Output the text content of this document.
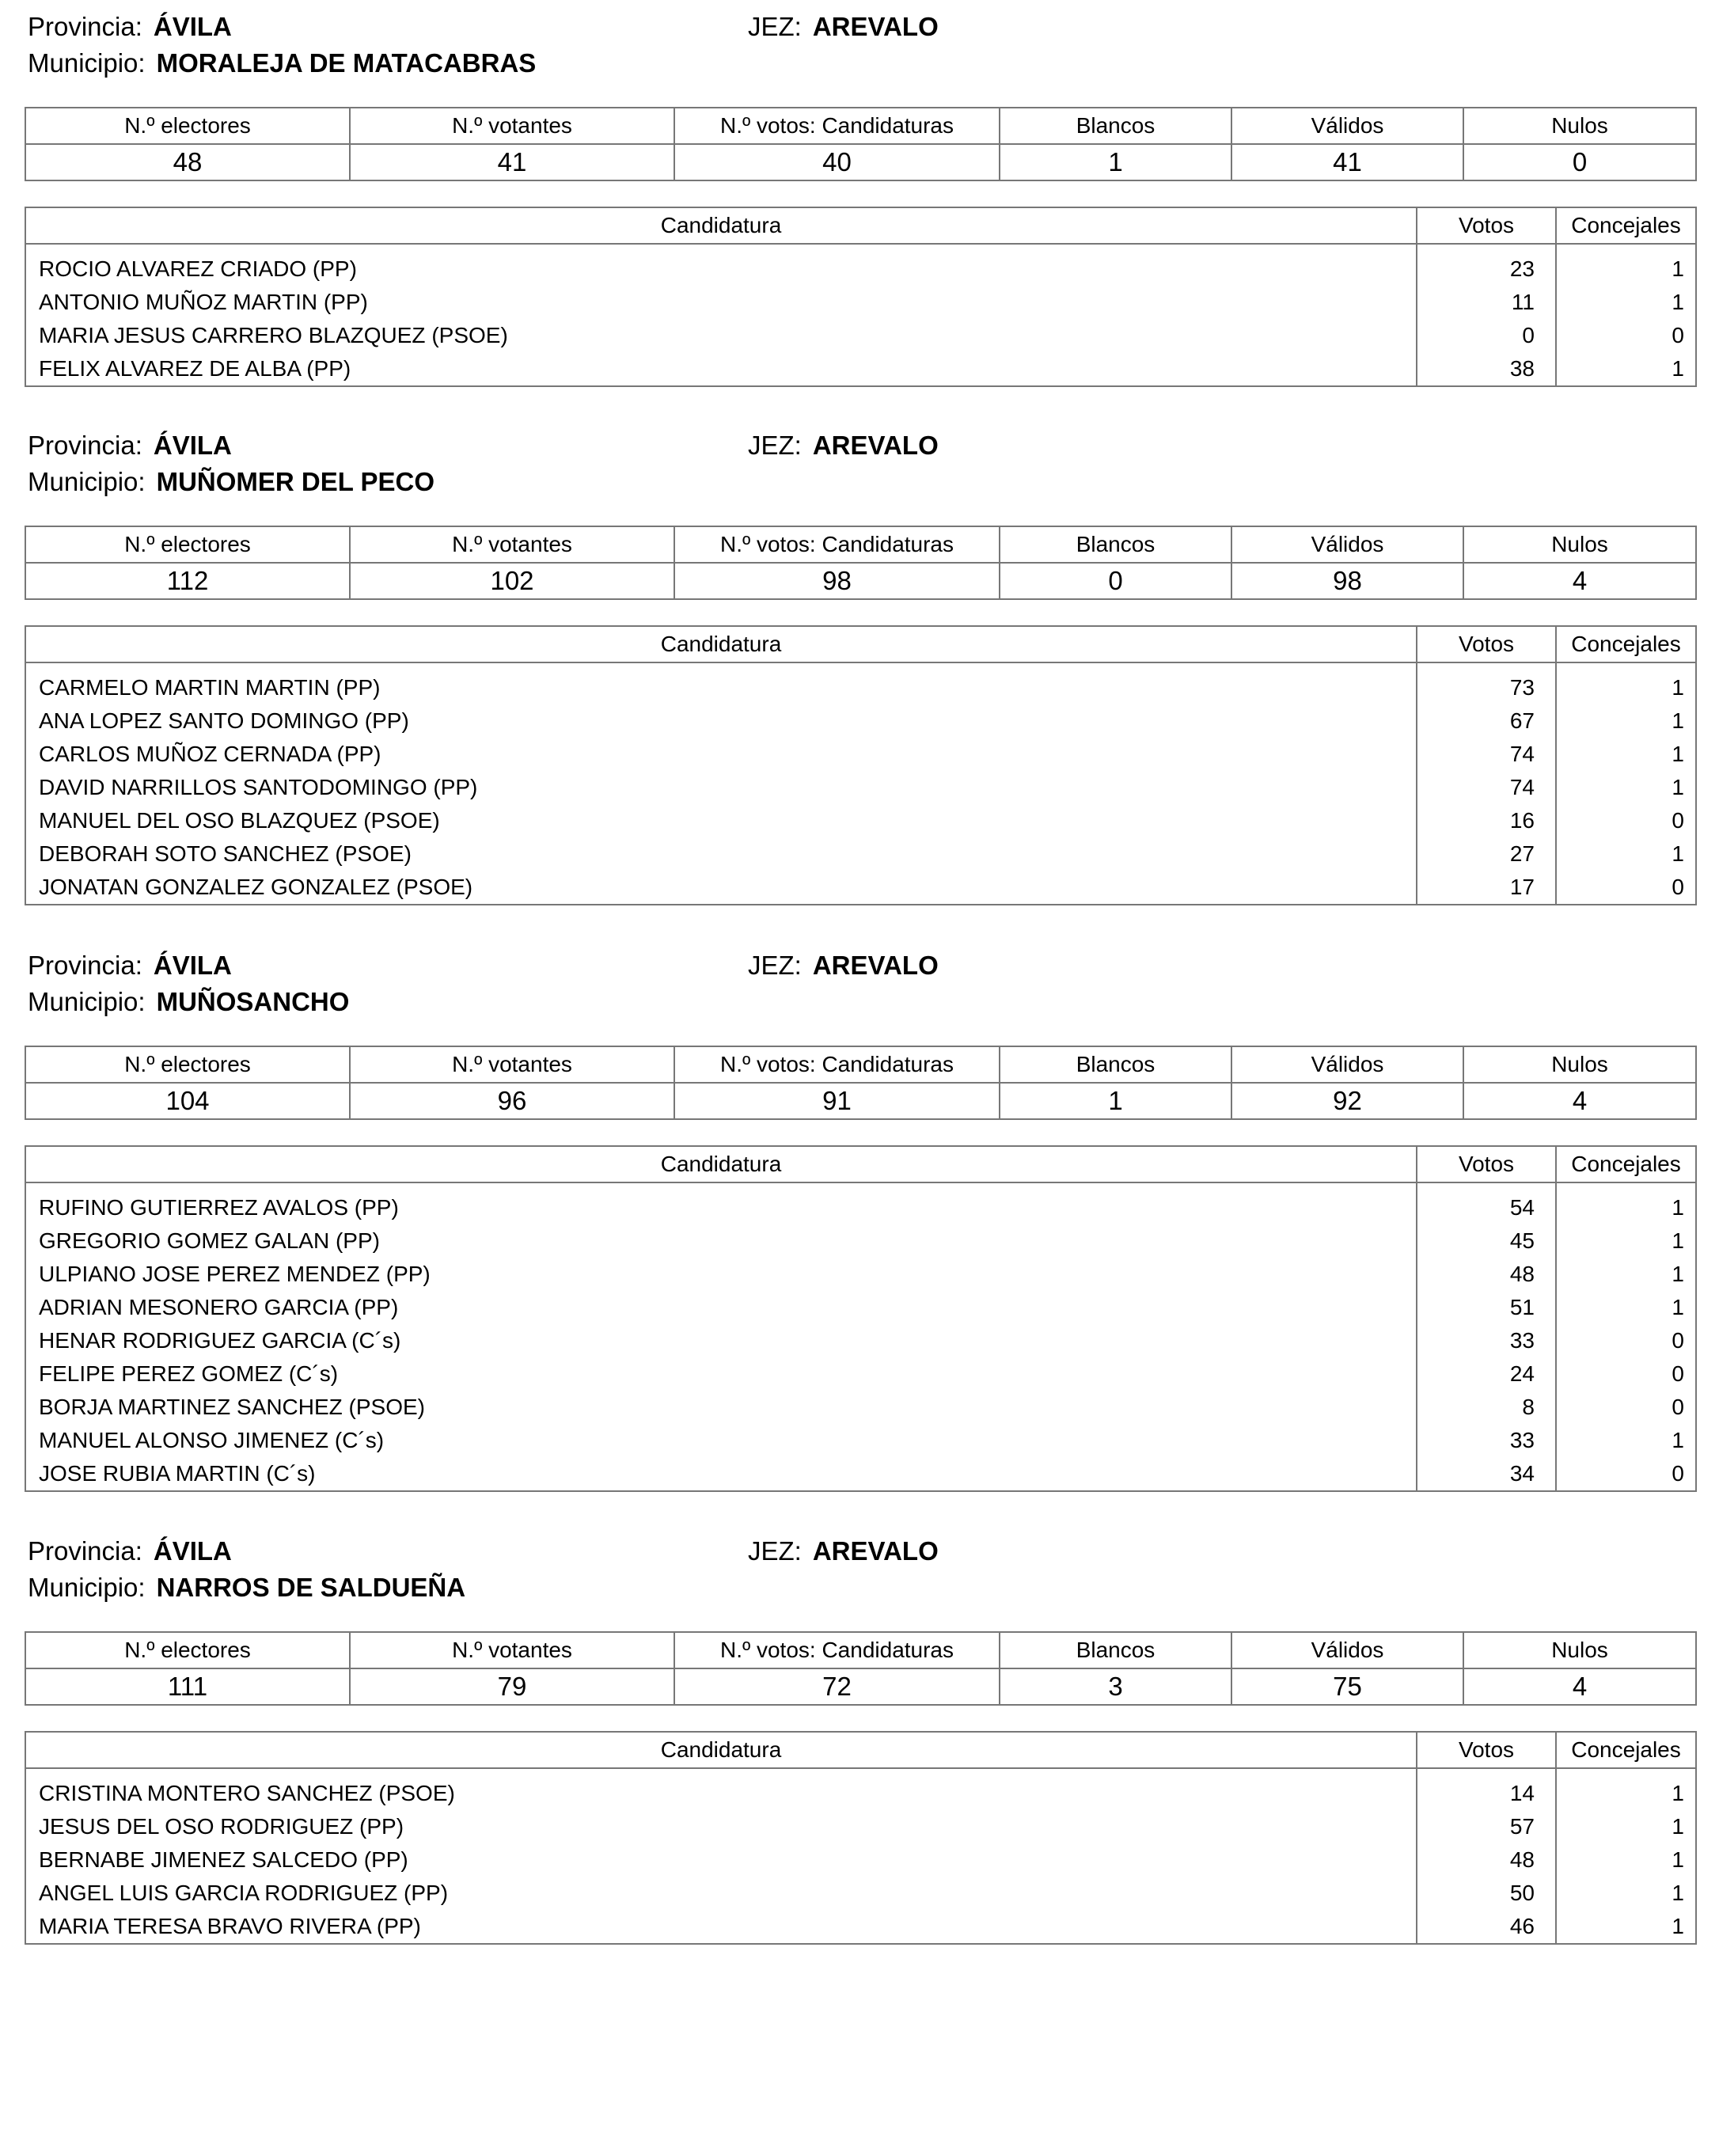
Provincia: ÁVILA	JEZ: AREVALO
Municipio: MORALEJA DE MATACABRAS
N.º electores	N.º votantes	N.º votos: Candidaturas	Blancos	Válidos	Nulos
48	41	40	1	41	0
Candidatura	Votos	Concejales

ROCIO ALVAREZ CRIADO (PP)	23	1
ANTONIO MUÑOZ MARTIN (PP)	11	1
MARIA JESUS CARRERO BLAZQUEZ (PSOE)	0	0
FELIX ALVAREZ DE ALBA (PP)	38	1
Provincia: ÁVILA	JEZ: AREVALO
Municipio: MUÑOMER DEL PECO
N.º electores	N.º votantes	N.º votos: Candidaturas	Blancos	Válidos	Nulos
112	102	98	0	98	4
Candidatura	Votos	Concejales

CARMELO MARTIN MARTIN (PP)	73	1
ANA LOPEZ SANTO DOMINGO (PP)	67	1
CARLOS MUÑOZ CERNADA (PP)	74	1
DAVID NARRILLOS SANTODOMINGO (PP)	74	1
MANUEL DEL OSO BLAZQUEZ (PSOE)	16	0
DEBORAH SOTO SANCHEZ (PSOE)	27	1
JONATAN GONZALEZ GONZALEZ (PSOE)	17	0
Provincia: ÁVILA	JEZ: AREVALO
Municipio: MUÑOSANCHO
N.º electores	N.º votantes	N.º votos: Candidaturas	Blancos	Válidos	Nulos
104	96	91	1	92	4
Candidatura	Votos	Concejales

RUFINO GUTIERREZ AVALOS (PP)	54	1
GREGORIO GOMEZ GALAN (PP)	45	1
ULPIANO JOSE PEREZ MENDEZ (PP)	48	1
ADRIAN MESONERO GARCIA (PP)	51	1
HENAR RODRIGUEZ GARCIA (C´s)	33	0
FELIPE PEREZ GOMEZ (C´s)	24	0
BORJA MARTINEZ SANCHEZ (PSOE)	8	0
MANUEL ALONSO JIMENEZ (C´s)	33	1
JOSE RUBIA MARTIN (C´s)	34	0
Provincia: ÁVILA	JEZ: AREVALO
Municipio: NARROS DE SALDUEÑA
N.º electores	N.º votantes	N.º votos: Candidaturas	Blancos	Válidos	Nulos
111	79	72	3	75	4
Candidatura	Votos	Concejales

CRISTINA MONTERO SANCHEZ (PSOE)	14	1
JESUS DEL OSO RODRIGUEZ (PP)	57	1
BERNABE JIMENEZ SALCEDO (PP)	48	1
ANGEL LUIS GARCIA RODRIGUEZ (PP)	50	1
MARIA TERESA BRAVO RIVERA (PP)	46	1
